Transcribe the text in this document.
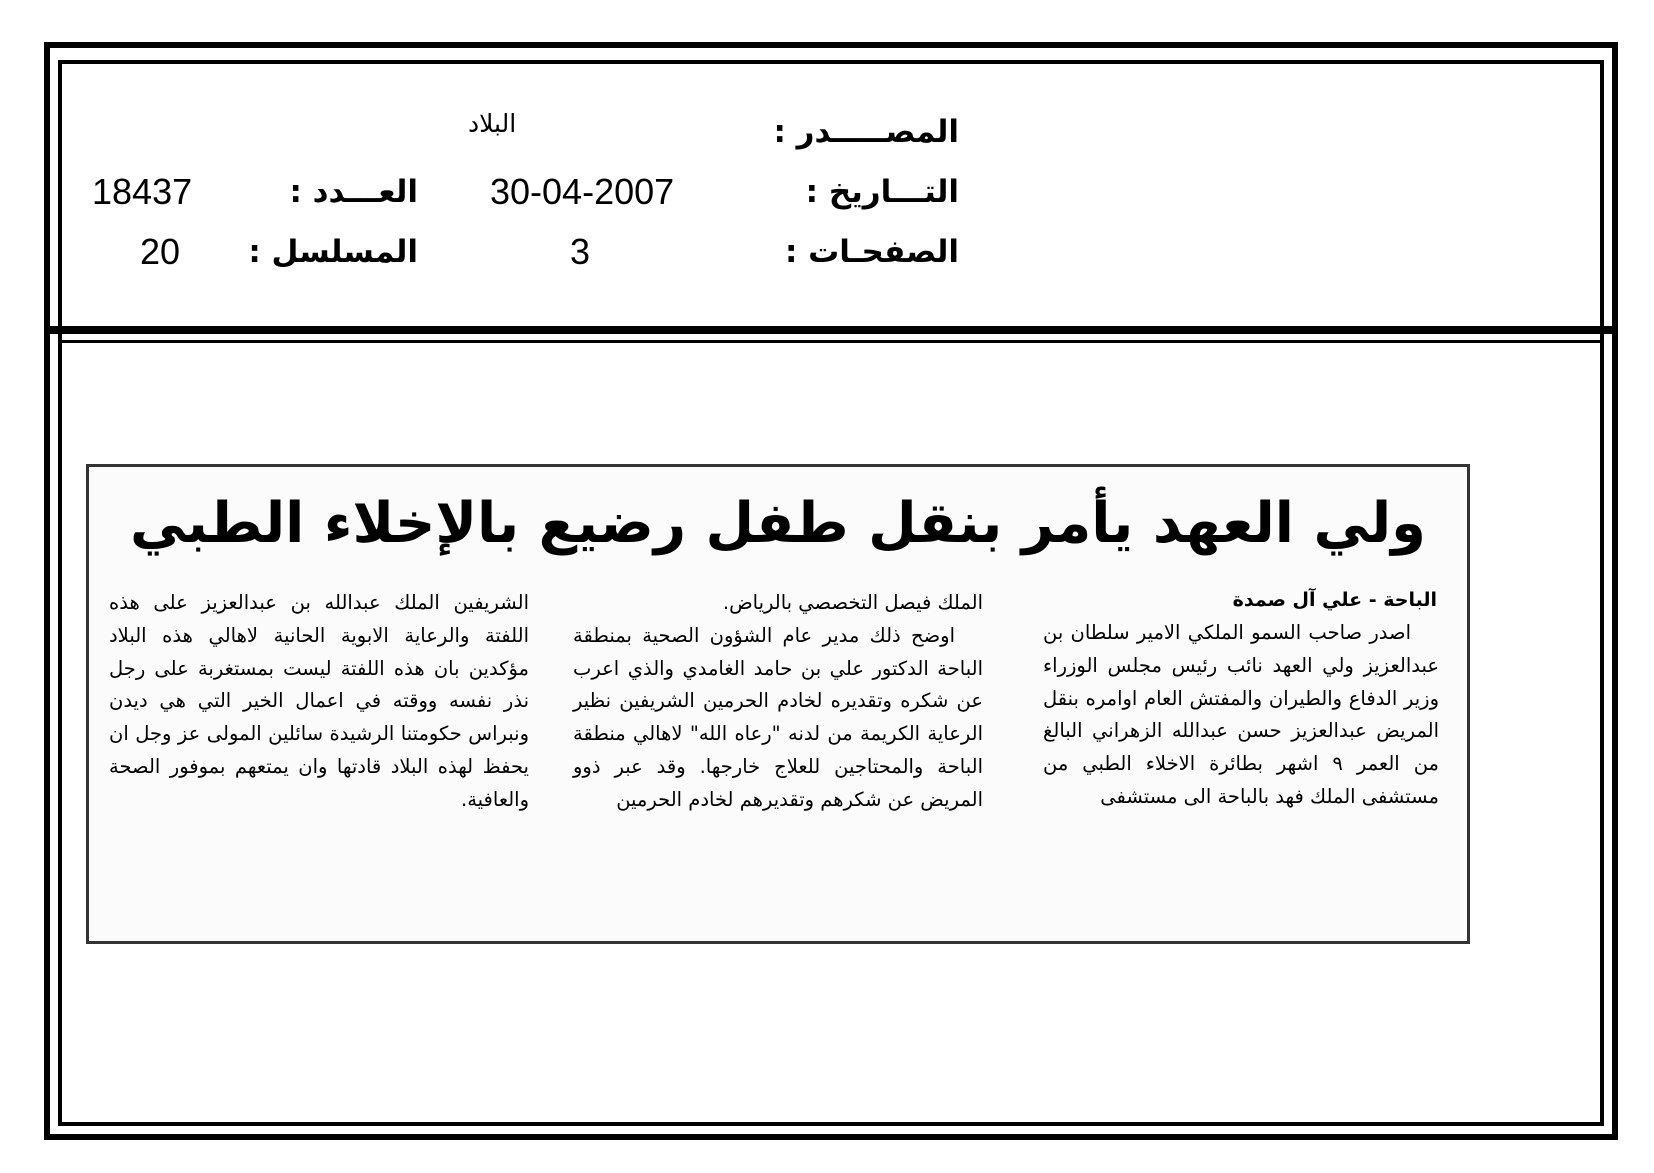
المصـــــدر :
البلاد
التـــاريخ :
30-04-2007
الصفحـات :
3
العـــدد :
18437
المسلسل :
20
ولي العهد يأمر بنقل طفل رضيع بالإخلاء الطبي
الباحة - علي آل صمدة

اصدر صاحب السمو الملكي الامير سلطان بن عبدالعزيز ولي العهد نائب رئيس مجلس الوزراء وزير الدفاع والطيران والمفتش العام اوامره بنقل المريض عبدالعزيز حسن عبدالله الزهراني البالغ من العمر ٩ اشهر بطائرة الاخلاء الطبي من مستشفى الملك فهد بالباحة الى مستشفى

الملك فيصل التخصصي بالرياض.

اوضح ذلك مدير عام الشؤون الصحية بمنطقة الباحة الدكتور علي بن حامد الغامدي والذي اعرب عن شكره وتقديره لخادم الحرمين الشريفين نظير الرعاية الكريمة من لدنه "رعاه الله" لاهالي منطقة الباحة والمحتاجين للعلاج خارجها. وقد عبر ذوو المريض عن شكرهم وتقديرهم لخادم الحرمين

الشريفين الملك عبدالله بن عبدالعزيز على هذه اللفتة والرعاية الابوية الحانية لاهالي هذه البلاد مؤكدين بان هذه اللفتة ليست بمستغربة على رجل نذر نفسه ووقته في اعمال الخير التي هي ديدن ونبراس حكومتنا الرشيدة سائلين المولى عز وجل ان يحفظ لهذه البلاد قادتها وان يمتعهم بموفور الصحة والعافية.
